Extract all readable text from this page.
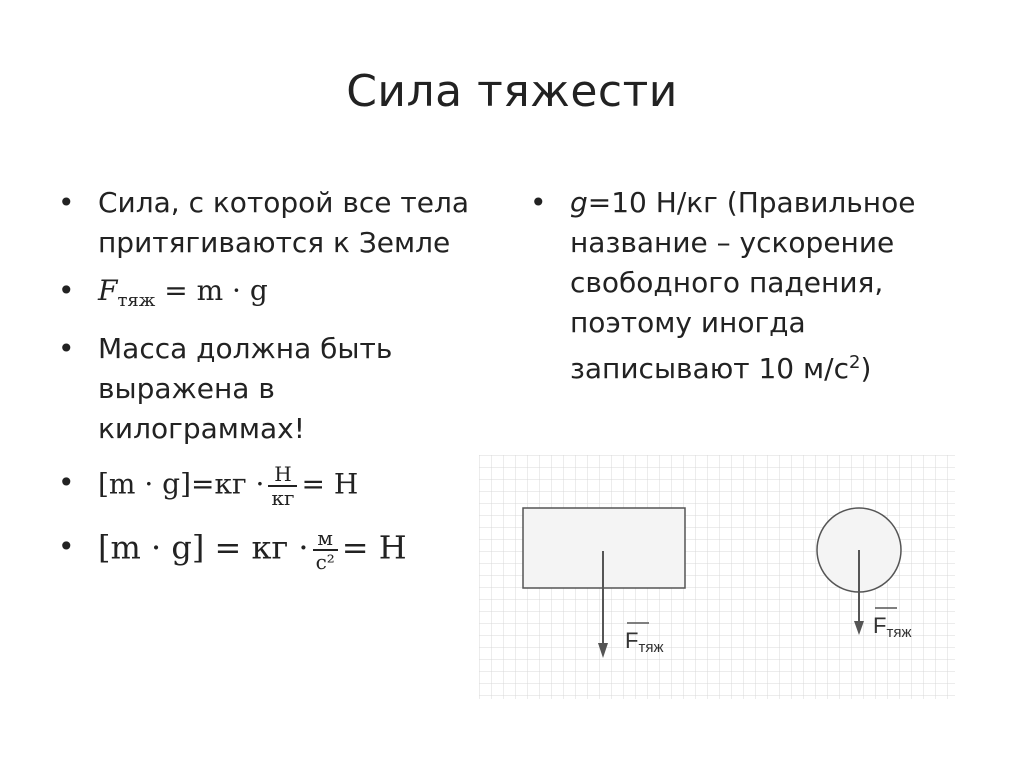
Сила тяжести
• Сила, с которой все тела притягиваются к Земле
• $F_{тяж} = m \cdot g$
• Масса должна быть выражена в килограммах!
• $[m \cdot g]=кг \cdot \frac{Н}{кг} = Н$
• [m · g] = кг · $\frac{м}{\text{с²}} = Н$
• g=10 Н/кг (Правильное название – ускорение свободного падения, поэтому иногда записывают 10 $м/с^2$)
Fтяж
Fтяж
